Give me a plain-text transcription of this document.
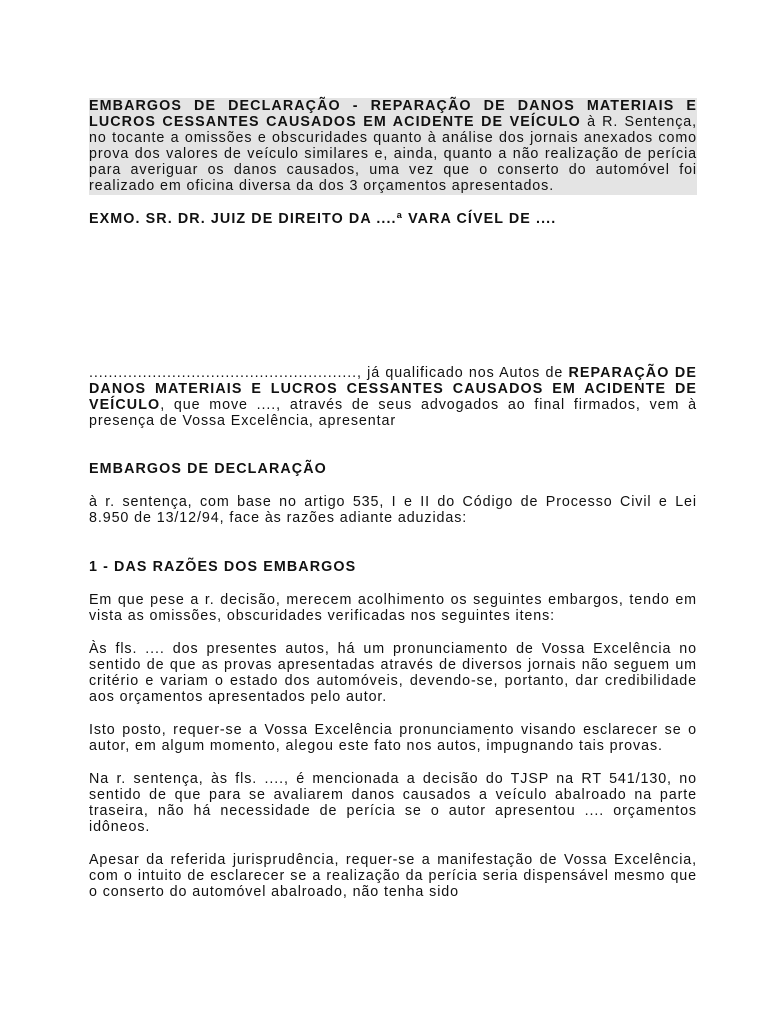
EMBARGOS DE DECLARAÇÃO - REPARAÇÃO DE DANOS MATERIAIS E LUCROS CESSANTES CAUSADOS EM ACIDENTE DE VEÍCULO à R. Sentença, no tocante a omissões e obscuridades quanto à análise dos jornais anexados como prova dos valores de veículo similares e, ainda, quanto a não realização de perícia para averiguar os danos causados, uma vez que o conserto do automóvel foi realizado em oficina diversa da dos 3 orçamentos apresentados.

EXMO. SR. DR. JUIZ DE DIREITO DA ....ª VARA CÍVEL DE ....

......................................................., já qualificado nos Autos de REPARAÇÃO DE DANOS MATERIAIS E LUCROS CESSANTES CAUSADOS EM ACIDENTE DE VEÍCULO, que move ...., através de seus advogados ao final firmados, vem à presença de Vossa Excelência, apresentar

EMBARGOS DE DECLARAÇÃO

à r. sentença, com base no artigo 535, I e II do Código de Processo Civil e Lei 8.950 de 13/12/94, face às razões adiante aduzidas:

1 - DAS RAZÕES DOS EMBARGOS

Em que pese a r. decisão, merecem acolhimento os seguintes embargos, tendo em vista as omissões, obscuridades verificadas nos seguintes itens:

Às fls. .... dos presentes autos, há um pronunciamento de Vossa Excelência no sentido de que as provas apresentadas através de diversos jornais não seguem um critério e variam o estado dos automóveis, devendo-se, portanto, dar credibilidade aos orçamentos apresentados pelo autor.

Isto posto, requer-se a Vossa Excelência pronunciamento visando esclarecer se o autor, em algum momento, alegou este fato nos autos, impugnando tais provas.

Na r. sentença, às fls. ...., é mencionada a decisão do TJSP na RT 541/130, no sentido de que para se avaliarem danos causados a veículo abalroado na parte traseira, não há necessidade de perícia se o autor apresentou .... orçamentos idôneos.

Apesar da referida jurisprudência, requer-se a manifestação de Vossa Excelência, com o intuito de esclarecer se a realização da perícia seria dispensável mesmo que o conserto do automóvel abalroado, não tenha sido
